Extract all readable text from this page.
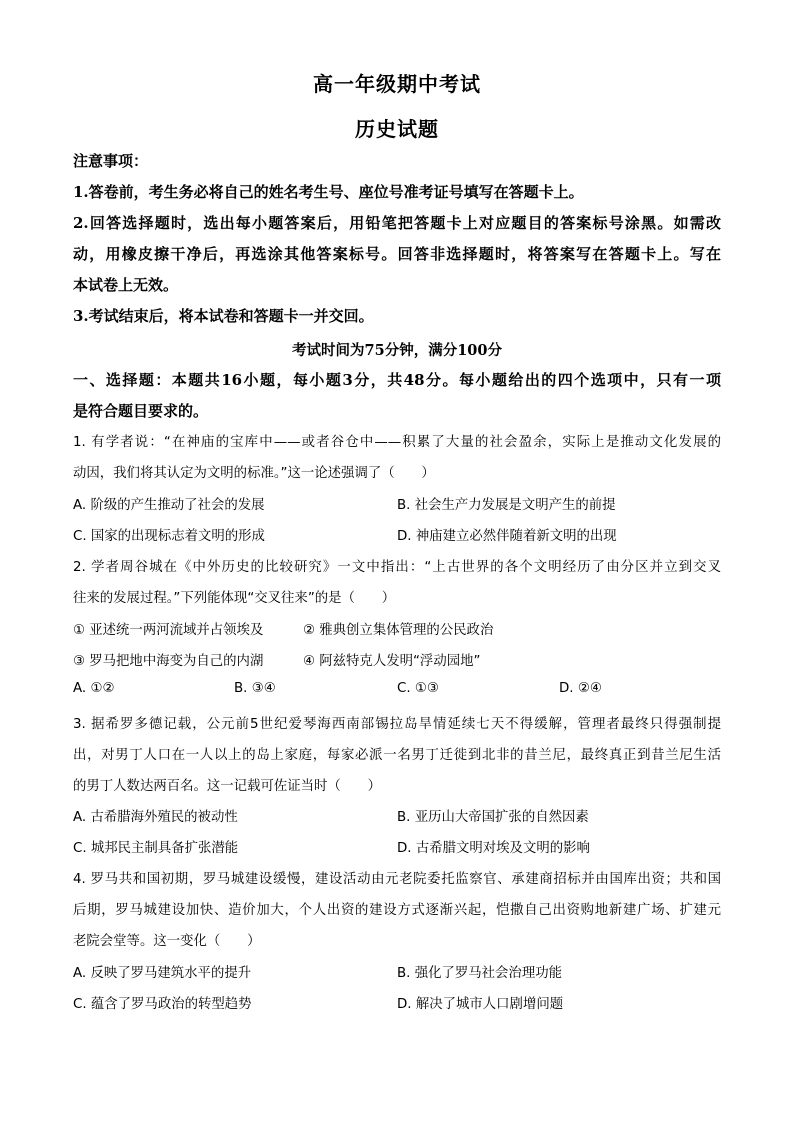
高一年级期中考试
历史试题
注意事项：
1.答卷前，考生务必将自己的姓名考生号、座位号准考证号填写在答题卡上。
2.回答选择题时，选出每小题答案后，用铅笔把答题卡上对应题目的答案标号涂黑。如需改
动，用橡皮擦干净后，再选涂其他答案标号。回答非选择题时，将答案写在答题卡上。写在
本试卷上无效。
3.考试结束后，将本试卷和答题卡一并交回。
考试时间为75分钟，满分100分
一、选择题：本题共16小题，每小题3分，共48分。每小题给出的四个选项中，只有一项
是符合题目要求的。
1. 有学者说：“在神庙的宝库中——或者谷仓中——积累了大量的社会盈余，实际上是推动文化发展的
动因，我们将其认定为文明的标准。”这一论述强调了（　　）
A. 阶级的产生推动了社会的发展	B. 社会生产力发展是文明产生的前提
C. 国家的出现标志着文明的形成	D. 神庙建立必然伴随着新文明的出现
2. 学者周谷城在《中外历史的比较研究》一文中指出：“上古世界的各个文明经历了由分区并立到交叉
往来的发展过程。”下列能体现“交叉往来”的是（　　）
① 亚述统一两河流域并占领埃及	② 雅典创立集体管理的公民政治
③ 罗马把地中海变为自己的内湖	④ 阿兹特克人发明“浮动园地”
A. ①②	B. ③④	C. ①③	D. ②④
3. 据希罗多德记载，公元前5世纪爱琴海西南部锡拉岛旱情延续七天不得缓解，管理者最终只得强制提
出，对男丁人口在一人以上的岛上家庭，每家必派一名男丁迁徙到北非的昔兰尼，最终真正到昔兰尼生活
的男丁人数达两百名。这一记载可佐证当时（　　）
A. 古希腊海外殖民的被动性	B. 亚历山大帝国扩张的自然因素
C. 城邦民主制具备扩张潜能	D. 古希腊文明对埃及文明的影响
4. 罗马共和国初期，罗马城建设缓慢，建设活动由元老院委托监察官、承建商招标并由国库出资；共和国
后期，罗马城建设加快、造价加大，个人出资的建设方式逐渐兴起，恺撒自己出资购地新建广场、扩建元
老院会堂等。这一变化（　　）
A. 反映了罗马建筑水平的提升	B. 强化了罗马社会治理功能
C. 蕴含了罗马政治的转型趋势	D. 解决了城市人口剧增问题
